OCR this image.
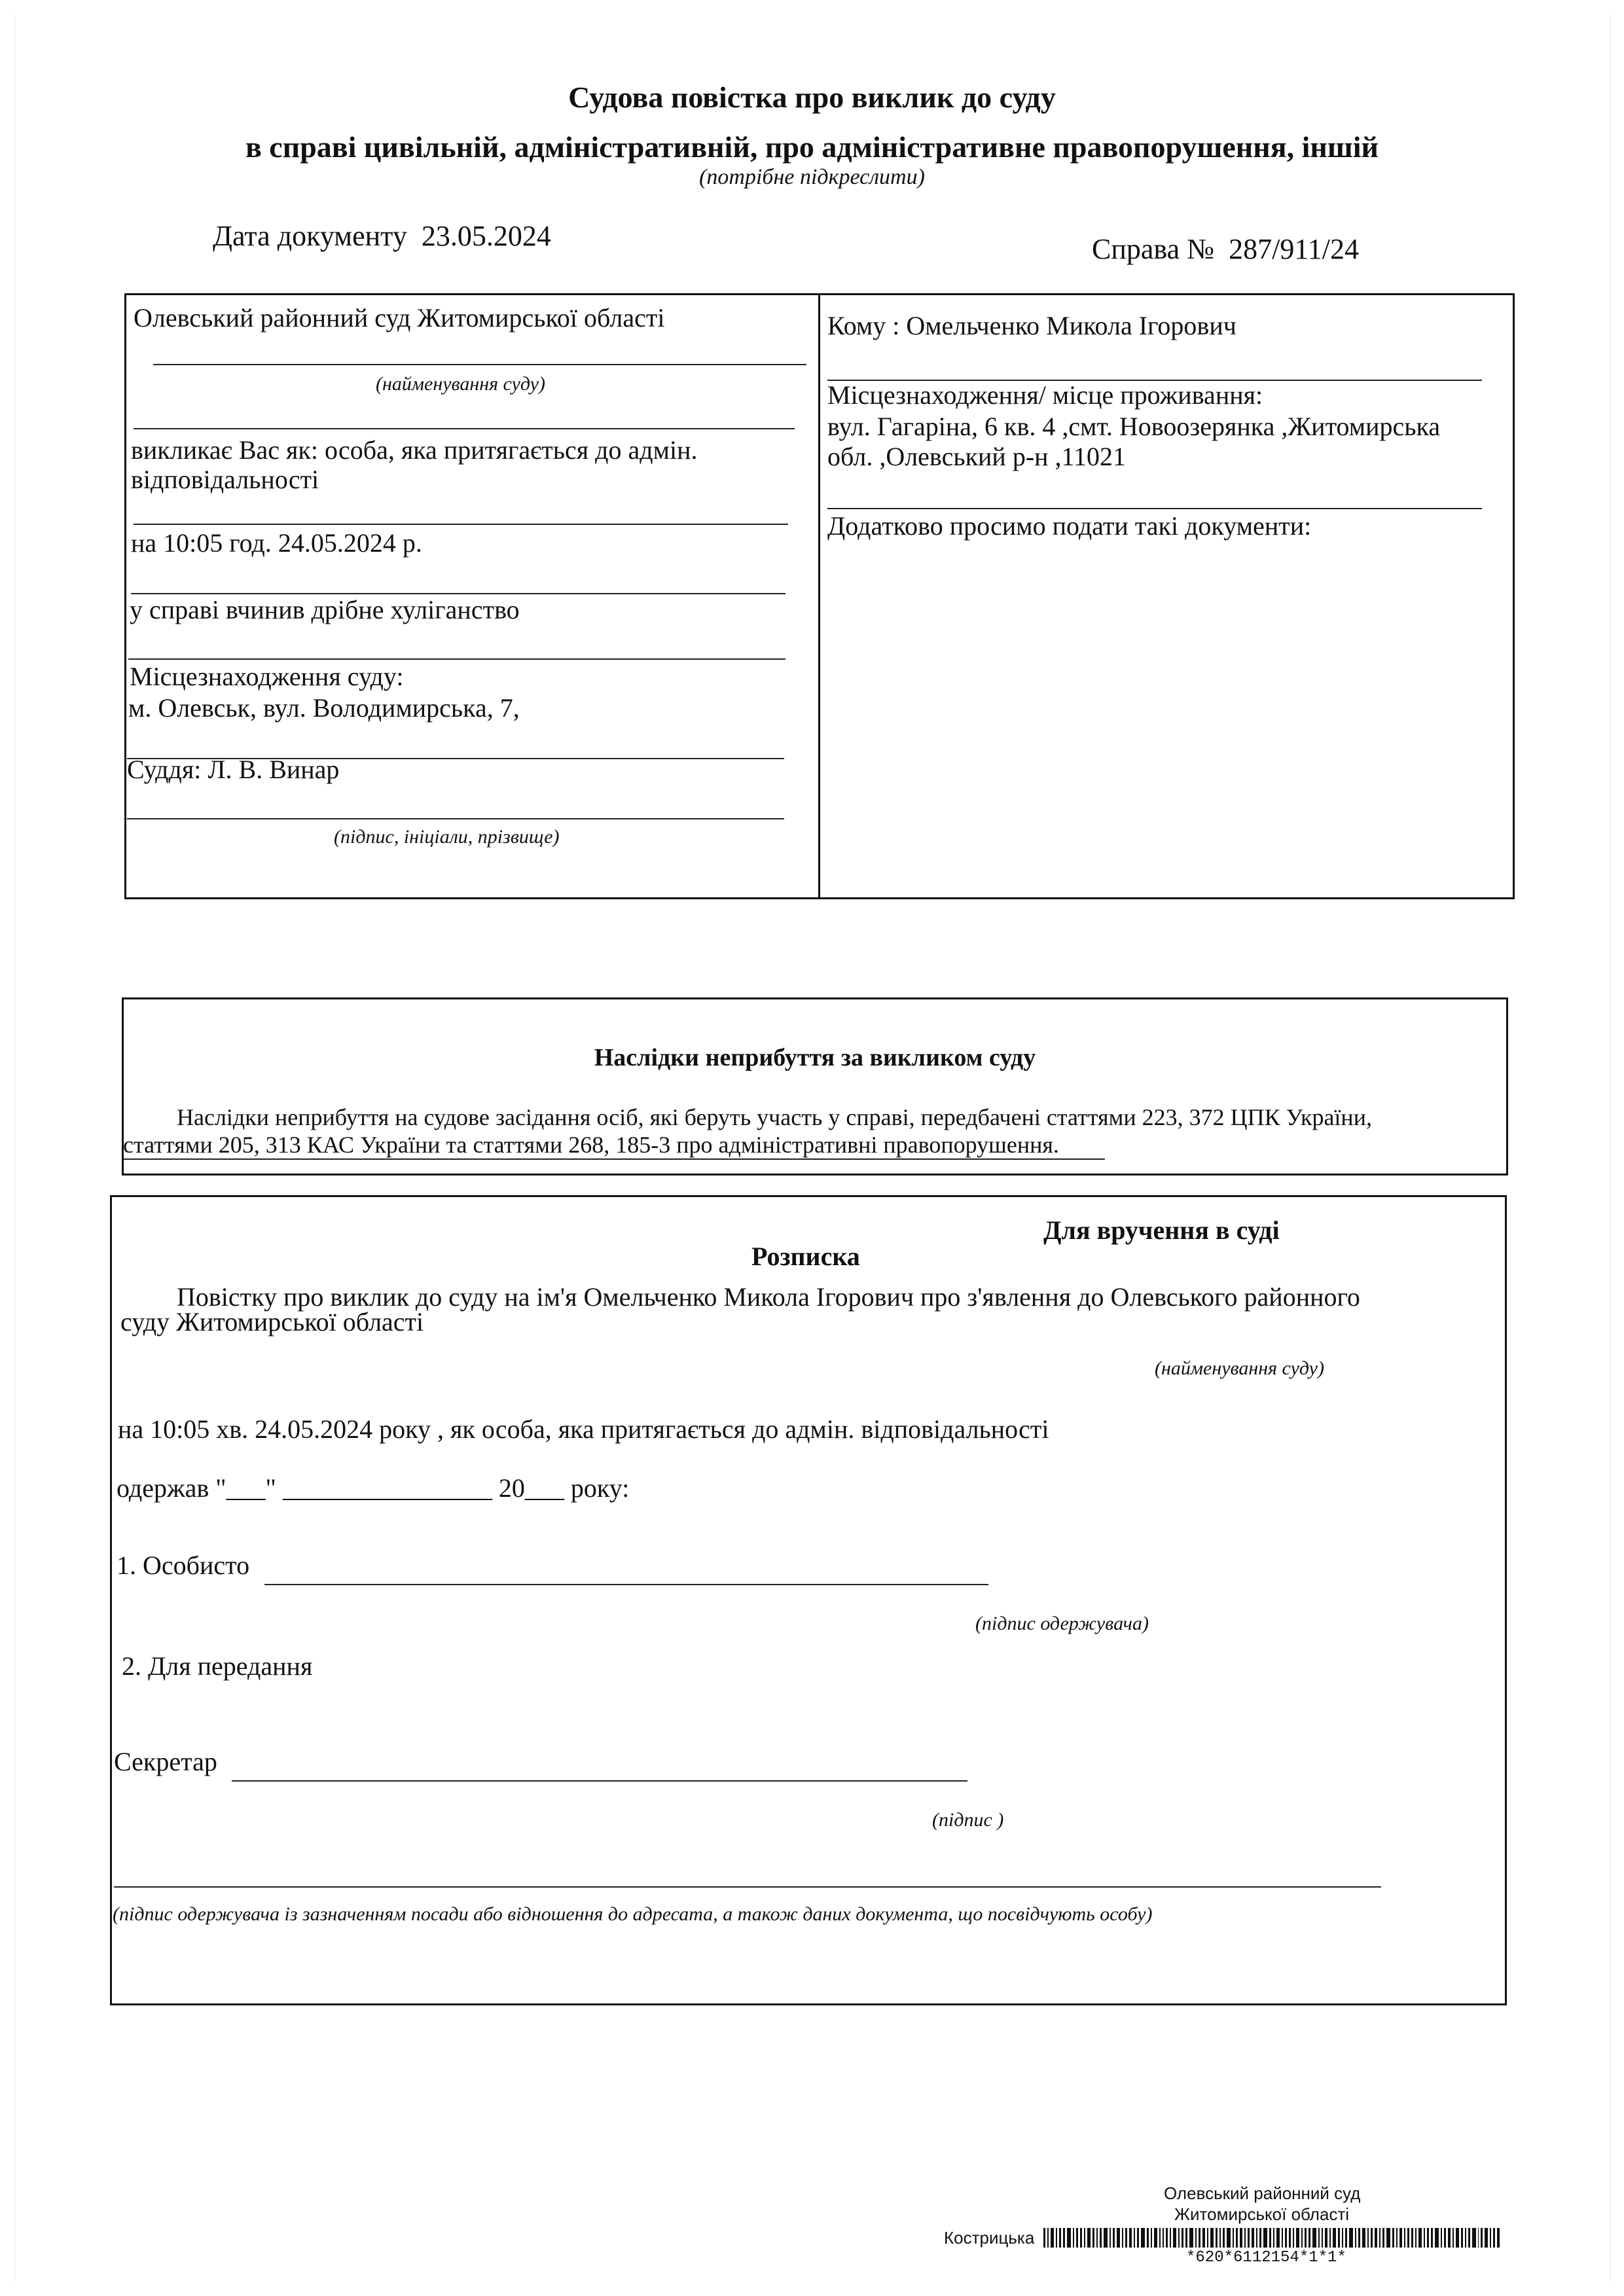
Судова повістка про виклик до суду
в справі цивільній, адміністративній, про адміністративне правопорушення, іншій
(потрібне підкреслити)
Дата документу 23.05.2024	Справа № 287/911/24
Олевський районний суд Житомирської області
(найменування суду)
викликає Вас як: особа, яка притягається до адмін.
відповідальності
на 10:05 год. 24.05.2024 р.
у справі вчинив дрібне хуліганство
Місцезнаходження суду:
м. Олевськ, вул. Володимирська, 7,
Суддя: Л. В. Винар
(підпис, ініціали, прізвище)
Кому : Омельченко Микола Ігорович
Місцезнаходження/ місце проживання:
вул. Гагаріна, 6 кв. 4 ,смт. Новоозерянка ,Житомирська
обл. ,Олевський р-н ,11021
Додатково просимо подати такі документи:
Наслідки неприбуття за викликом суду
Наслідки неприбуття на судове засідання осіб, які беруть участь у справі, передбачені статтями 223, 372 ЦПК України,
статтями 205, 313 КАС України та статтями 268, 185-3 про адміністративні правопорушення.
Для вручення в суді
Розписка
Повістку про виклик до суду на ім'я Омельченко Микола Ігорович про з'явлення до Олевського районного
суду Житомирської області
(найменування суду)
на 10:05 хв. 24.05.2024 року , як особа, яка притягається до адмін. відповідальності
одержав "___" ________________ 20___ року:
1. Особисто
(підпис одержувача)
2. Для передання
Секретар
(підпис )
(підпис одержувача із зазначенням посади або відношення до адресата, а також даних документа, що посвідчують особу)
Олевський районний суд
Житомирської області
Кострицька
*620*6112154*1*1*
